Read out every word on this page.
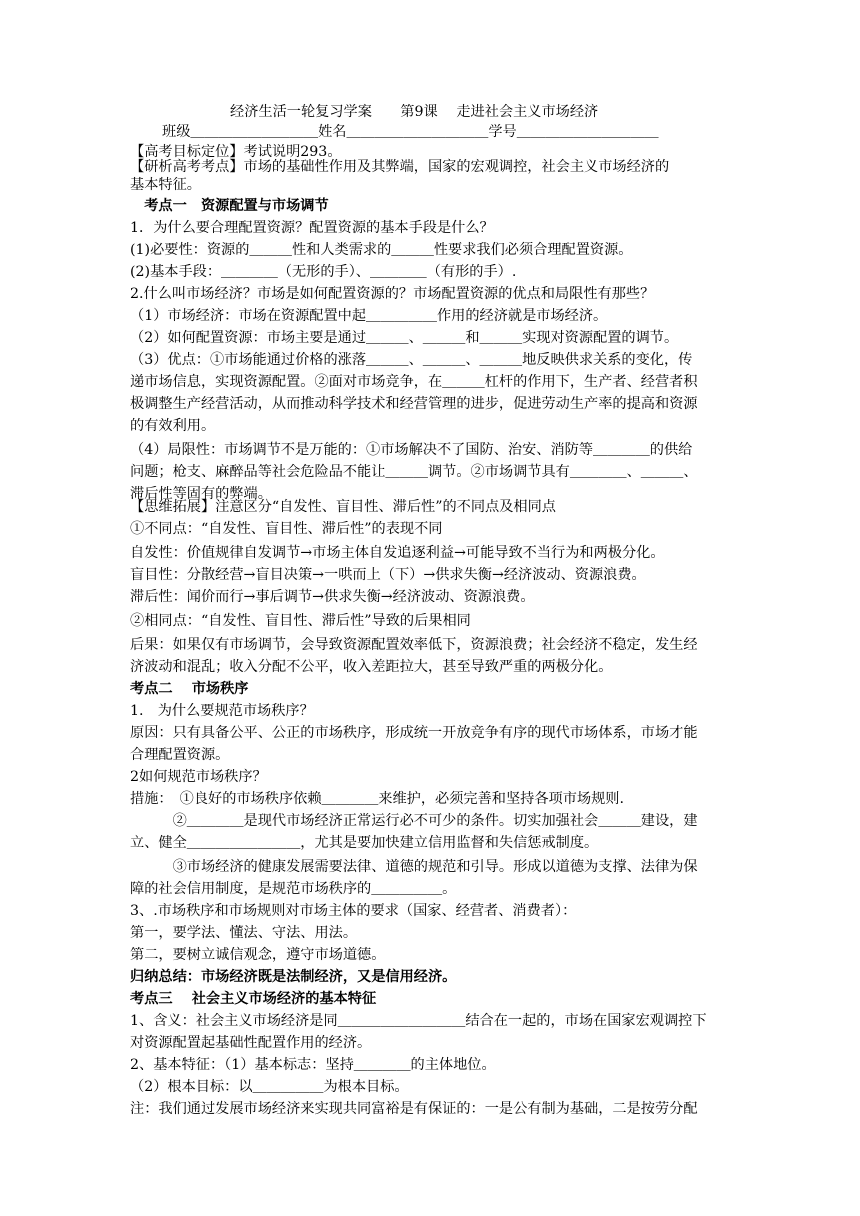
经济生活一轮复习学案　　第9课　 走进社会主义市场经济
班级＿＿＿＿＿＿＿＿＿姓名＿＿＿＿＿＿＿＿＿＿学号＿＿＿＿＿＿＿＿＿＿
【高考目标定位】考试说明293。
【研析高考考点】市场的基础性作用及其弊端，国家的宏观调控，社会主义市场经济的
基本特征。
　考点一　资源配置与市场调节
1．为什么要合理配置资源？配置资源的基本手段是什么？
(1)必要性：资源的＿＿＿性和人类需求的＿＿＿性要求我们必须合理配置资源。
(2)基本手段：＿＿＿＿（无形的手）、＿＿＿＿（有形的手）.
2.什么叫市场经济？市场是如何配置资源的？市场配置资源的优点和局限性有那些？
（1）市场经济：市场在资源配置中起＿＿＿＿＿作用的经济就是市场经济。
（2）如何配置资源：市场主要是通过＿＿＿、＿＿＿和＿＿＿实现对资源配置的调节。
（3）优点：①市场能通过价格的涨落＿＿＿、＿＿＿、＿＿＿地反映供求关系的变化，传
递市场信息，实现资源配置。②面对市场竞争，在＿＿＿杠杆的作用下，生产者、经营者积
极调整生产经营活动，从而推动科学技术和经营管理的进步，促进劳动生产率的提高和资源
的有效利用。
（4）局限性：市场调节不是万能的：①市场解决不了国防、治安、消防等＿＿＿＿的供给
问题；枪支、麻醉品等社会危险品不能让＿＿＿调节。②市场调节具有＿＿＿＿、＿＿＿、
滞后性等固有的弊端。
【思维拓展】注意区分“自发性、盲目性、滞后性”的不同点及相同点
①不同点：“自发性、盲目性、滞后性”的表现不同
自发性：价值规律自发调节→市场主体自发追逐利益→可能导致不当行为和两极分化。
盲目性：分散经营→盲目决策→一哄而上（下）→供求失衡→经济波动、资源浪费。
滞后性：闻价而行→事后调节→供求失衡→经济波动、资源浪费。
②相同点：“自发性、盲目性、滞后性”导致的后果相同
后果：如果仅有市场调节，会导致资源配置效率低下，资源浪费；社会经济不稳定，发生经
济波动和混乱；收入分配不公平，收入差距拉大，甚至导致严重的两极分化。
考点二　 市场秩序
1.　为什么要规范市场秩序？
原因：只有具备公平、公正的市场秩序，形成统一开放竞争有序的现代市场体系，市场才能
合理配置资源。
2如何规范市场秩序？
措施：　①良好的市场秩序依赖＿＿＿＿来维护，必须完善和坚持各项市场规则.
　　　②＿＿＿＿是现代市场经济正常运行必不可少的条件。切实加强社会＿＿＿建设，建
立、健全＿＿＿＿＿＿＿＿，尤其是要加快建立信用监督和失信惩戒制度。
　　　③市场经济的健康发展需要法律、道德的规范和引导。形成以道德为支撑、法律为保
障的社会信用制度，是规范市场秩序的＿＿＿＿＿。
3、.市场秩序和市场规则对市场主体的要求（国家、经营者、消费者）：
第一，要学法、懂法、守法、用法。
第二，要树立诚信观念，遵守市场道德。
归纳总结：市场经济既是法制经济，又是信用经济。
考点三　 社会主义市场经济的基本特征
1、含义：社会主义市场经济是同＿＿＿＿＿＿＿＿＿结合在一起的，市场在国家宏观调控下
对资源配置起基础性配置作用的经济。
2、基本特征：（1）基本标志：坚持＿＿＿＿的主体地位。
（2）根本目标：以＿＿＿＿＿为根本目标。
注：我们通过发展市场经济来实现共同富裕是有保证的：一是公有制为基础，二是按劳分配
